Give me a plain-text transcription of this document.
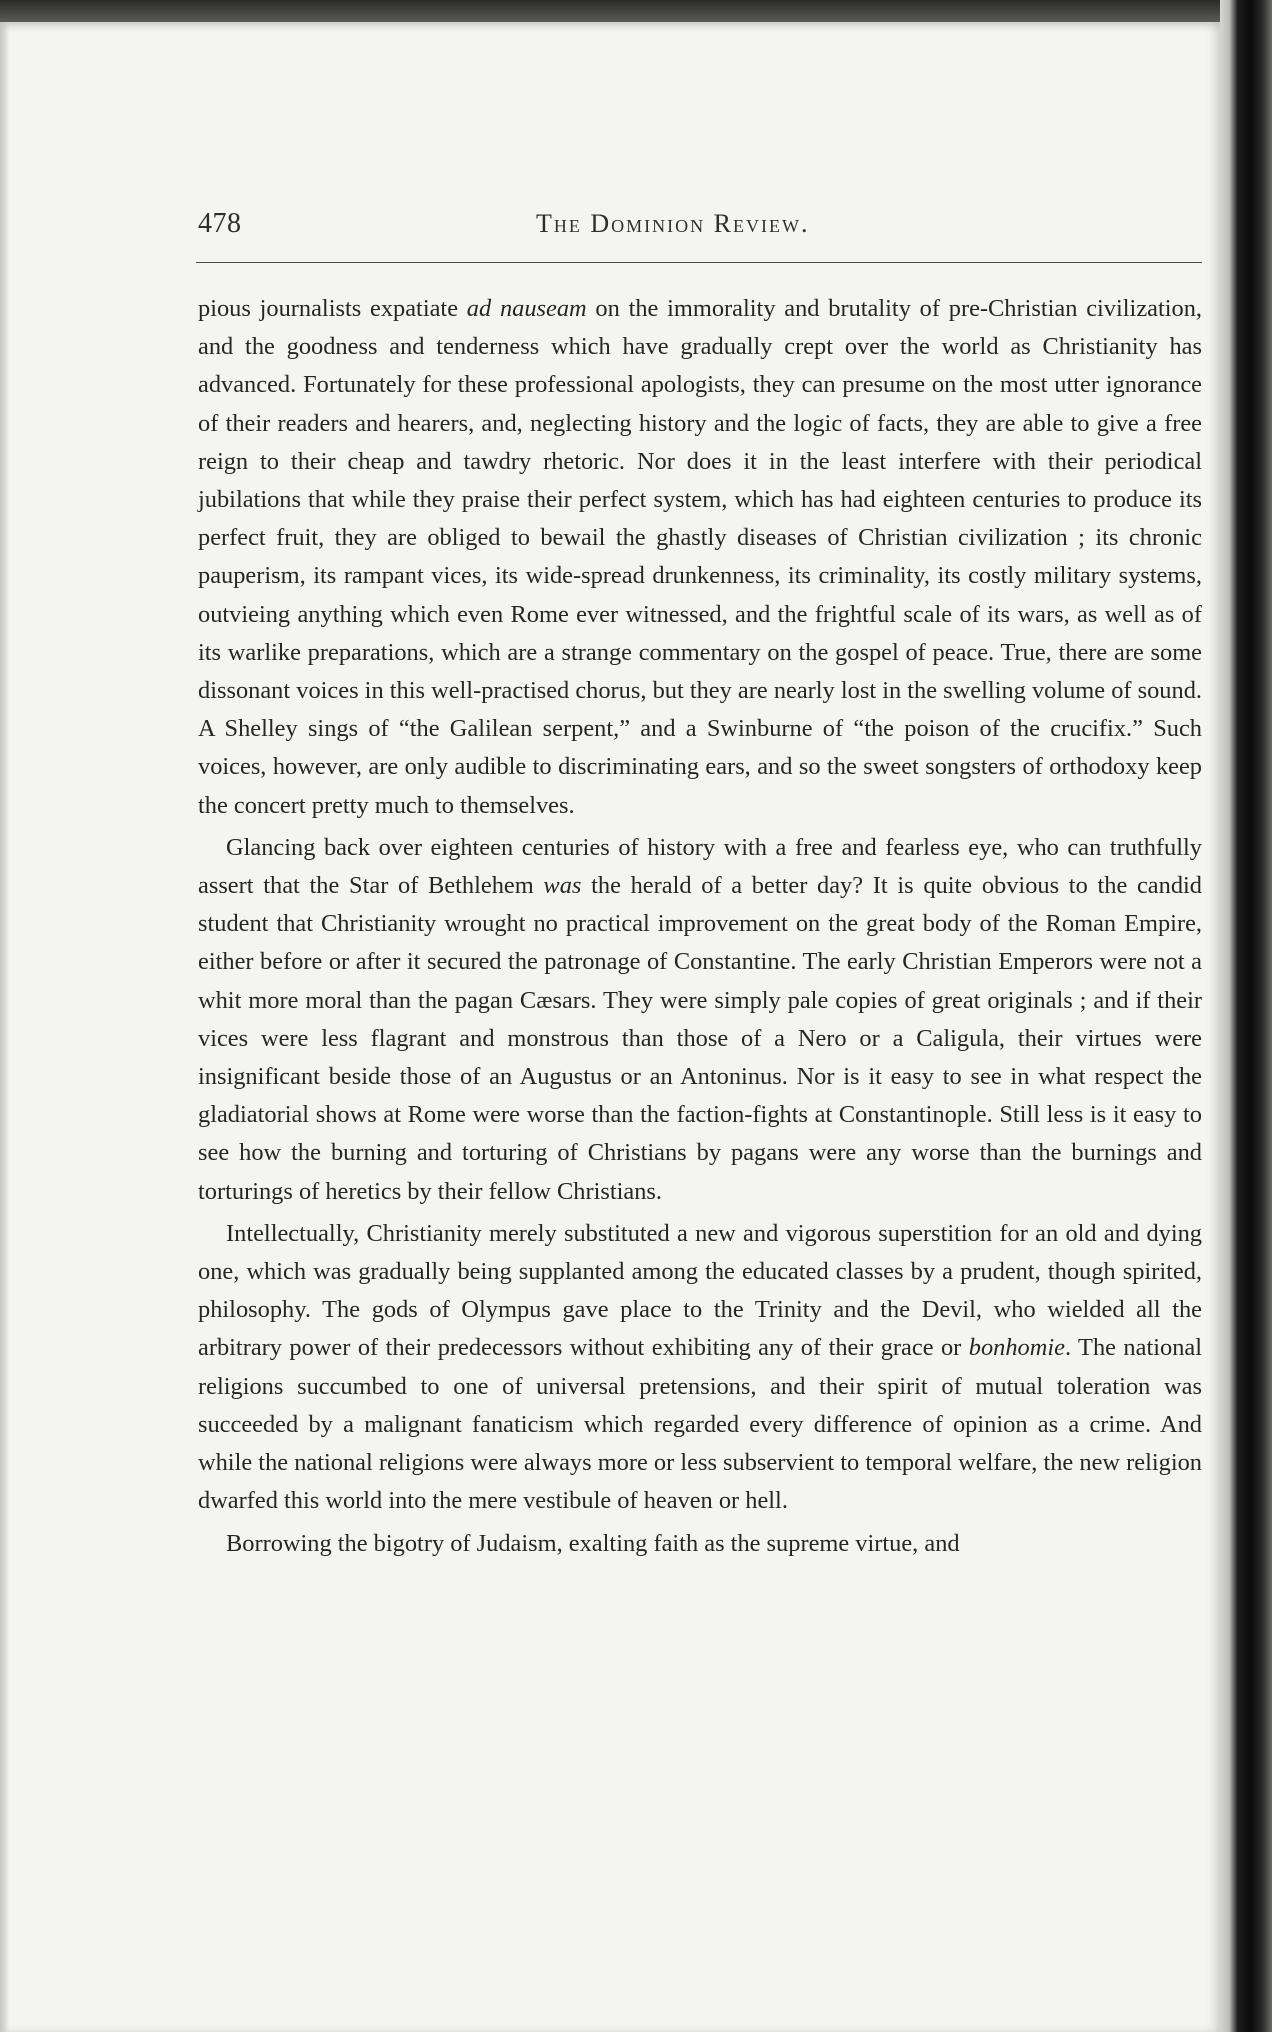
478	The Dominion Review.

pious journalists expatiate ad nauseam on the immorality and brutality of pre-Christian civilization, and the goodness and tenderness which have gradually crept over the world as Christianity has advanced. Fortunately for these professional apologists, they can presume on the most utter ignorance of their readers and hearers, and, neglecting history and the logic of facts, they are able to give a free reign to their cheap and tawdry rhetoric. Nor does it in the least interfere with their periodical jubilations that while they praise their perfect system, which has had eighteen centuries to produce its perfect fruit, they are obliged to bewail the ghastly diseases of Christian civilization ; its chronic pauperism, its rampant vices, its wide-spread drunkenness, its criminality, its costly military systems, outvieing anything which even Rome ever witnessed, and the frightful scale of its wars, as well as of its warlike preparations, which are a strange commentary on the gospel of peace. True, there are some dissonant voices in this well-practised chorus, but they are nearly lost in the swelling volume of sound. A Shelley sings of “the Galilean serpent,” and a Swinburne of “the poison of the crucifix.” Such voices, however, are only audible to discriminating ears, and so the sweet songsters of orthodoxy keep the concert pretty much to themselves.

Glancing back over eighteen centuries of history with a free and fearless eye, who can truthfully assert that the Star of Bethlehem was the herald of a better day? It is quite obvious to the candid student that Christianity wrought no practical improvement on the great body of the Roman Empire, either before or after it secured the patronage of Constantine. The early Christian Emperors were not a whit more moral than the pagan Cæsars. They were simply pale copies of great originals ; and if their vices were less flagrant and monstrous than those of a Nero or a Caligula, their virtues were insignificant beside those of an Augustus or an Antoninus. Nor is it easy to see in what respect the gladiatorial shows at Rome were worse than the faction-fights at Constantinople. Still less is it easy to see how the burning and torturing of Christians by pagans were any worse than the burnings and torturings of heretics by their fellow Christians.

Intellectually, Christianity merely substituted a new and vigorous superstition for an old and dying one, which was gradually being supplanted among the educated classes by a prudent, though spirited, philosophy. The gods of Olympus gave place to the Trinity and the Devil, who wielded all the arbitrary power of their predecessors without exhibiting any of their grace or bonhomie. The national religions succumbed to one of universal pretensions, and their spirit of mutual toleration was succeeded by a malignant fanaticism which regarded every difference of opinion as a crime. And while the national religions were always more or less subservient to temporal welfare, the new religion dwarfed this world into the mere vestibule of heaven or hell.

Borrowing the bigotry of Judaism, exalting faith as the supreme virtue, and
